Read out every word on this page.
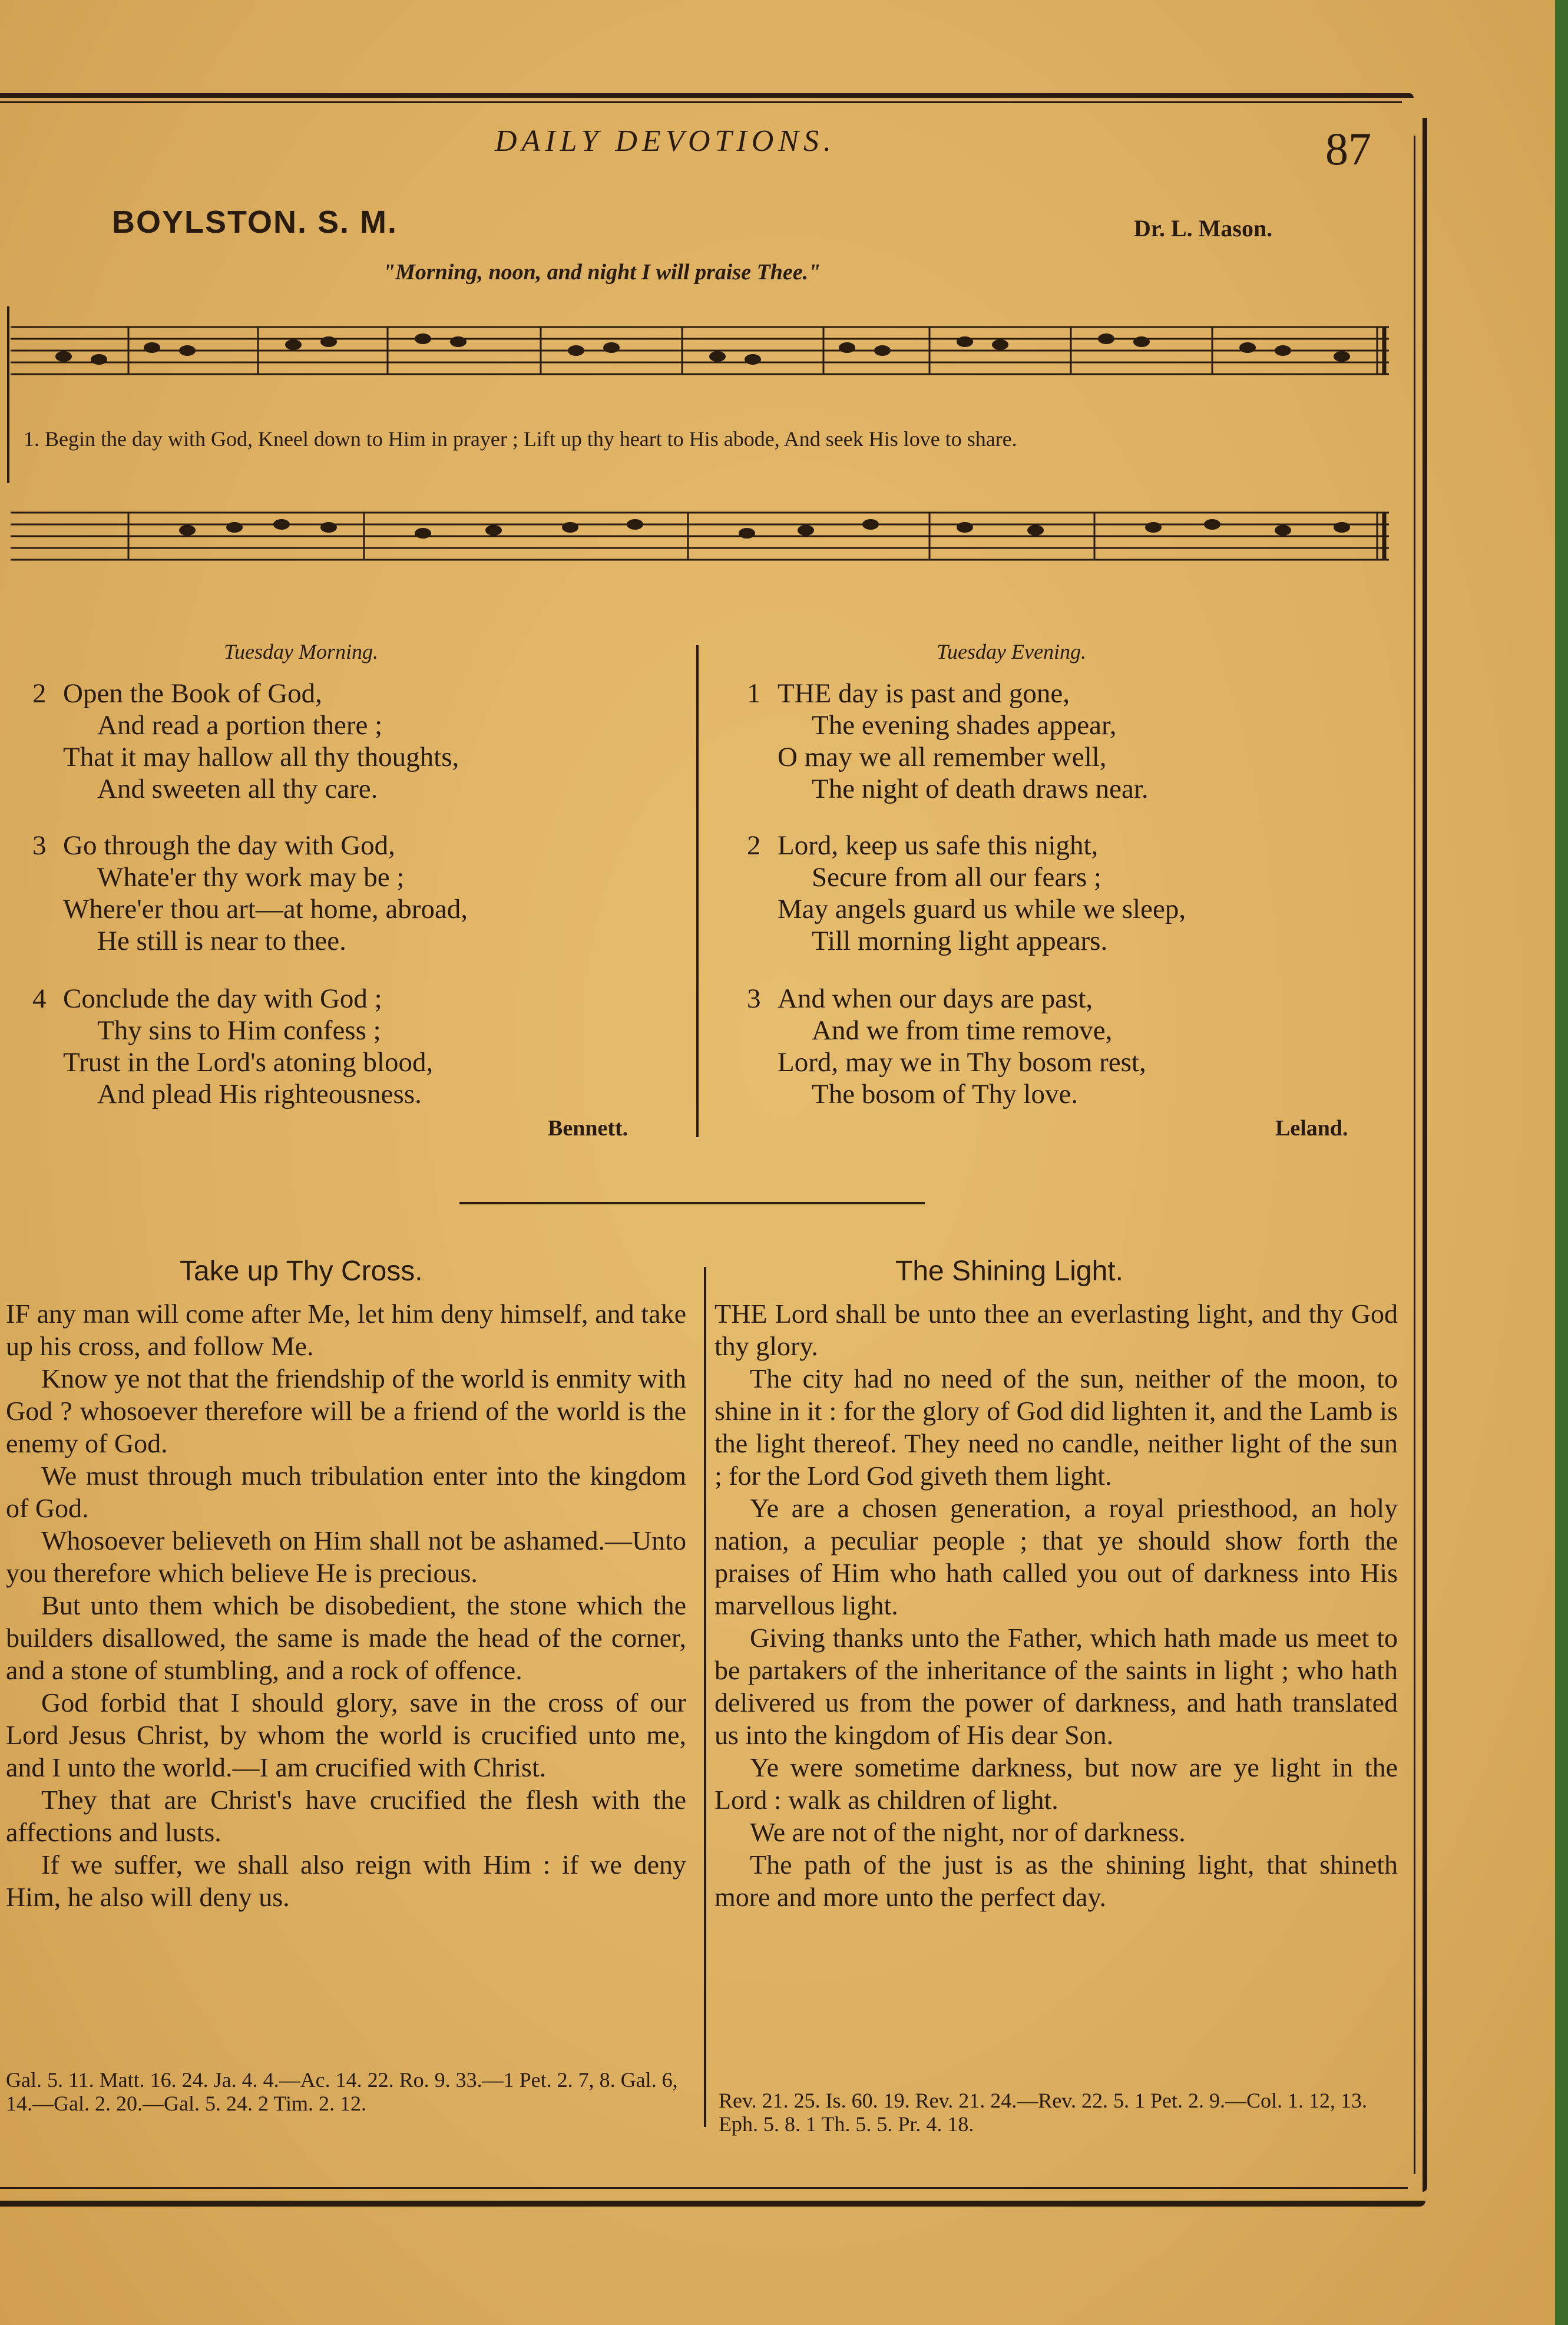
DAILY DEVOTIONS.	87
BOYLSTON. S. M.	Dr. L. Mason.
"Morning, noon, and night I will praise Thee."
1. Begin the day with God, Kneel down to Him in prayer ; Lift up thy heart to His abode, And seek His love to share.
Tuesday Morning.	Tuesday Evening.
2 Open the Book of God,
And read a portion there ;
That it may hallow all thy thoughts,
And sweeten all thy care.
3 Go through the day with God,
Whate'er thy work may be ;
Where'er thou art—at home, abroad,
He still is near to thee.
4 Conclude the day with God ;
Thy sins to Him confess ;
Trust in the Lord's atoning blood,
And plead His righteousness.
Bennett.
1 THE day is past and gone,
The evening shades appear,
O may we all remember well,
The night of death draws near.
2 Lord, keep us safe this night,
Secure from all our fears ;
May angels guard us while we sleep,
Till morning light appears.
3 And when our days are past,
And we from time remove,
Lord, may we in Thy bosom rest,
The bosom of Thy love.
Leland.
Take up Thy Cross.	The Shining Light.

IF any man will come after Me, let him deny himself, and take up his cross, and follow Me.

Know ye not that the friendship of the world is enmity with God ? whosoever therefore will be a friend of the world is the enemy of God.

We must through much tribulation enter into the kingdom of God.

Whosoever believeth on Him shall not be ashamed.—Unto you therefore which believe He is precious.

But unto them which be disobedient, the stone which the builders disallowed, the same is made the head of the corner, and a stone of stumbling, and a rock of offence.

God forbid that I should glory, save in the cross of our Lord Jesus Christ, by whom the world is crucified unto me, and I unto the world.—I am crucified with Christ.

They that are Christ's have crucified the flesh with the affections and lusts.

If we suffer, we shall also reign with Him : if we deny Him, he also will deny us.

Gal. 5. 11. Matt. 16. 24. Ja. 4. 4.—Ac. 14. 22. Ro. 9. 33.—1 Pet. 2. 7, 8. Gal. 6, 14.—Gal. 2. 20.—Gal. 5. 24. 2 Tim. 2. 12.

THE Lord shall be unto thee an everlasting light, and thy God thy glory.

The city had no need of the sun, neither of the moon, to shine in it : for the glory of God did lighten it, and the Lamb is the light thereof. They need no candle, neither light of the sun ; for the Lord God giveth them light.

Ye are a chosen generation, a royal priesthood, an holy nation, a peculiar people ; that ye should show forth the praises of Him who hath called you out of darkness into His marvellous light.

Giving thanks unto the Father, which hath made us meet to be partakers of the inheritance of the saints in light ; who hath delivered us from the power of darkness, and hath translated us into the kingdom of His dear Son.

Ye were sometime darkness, but now are ye light in the Lord : walk as children of light.

We are not of the night, nor of darkness.

The path of the just is as the shining light, that shineth more and more unto the perfect day.

Rev. 21. 25. Is. 60. 19. Rev. 21. 24.—Rev. 22. 5. 1 Pet. 2. 9.—Col. 1. 12, 13. Eph. 5. 8. 1 Th. 5. 5. Pr. 4. 18.
